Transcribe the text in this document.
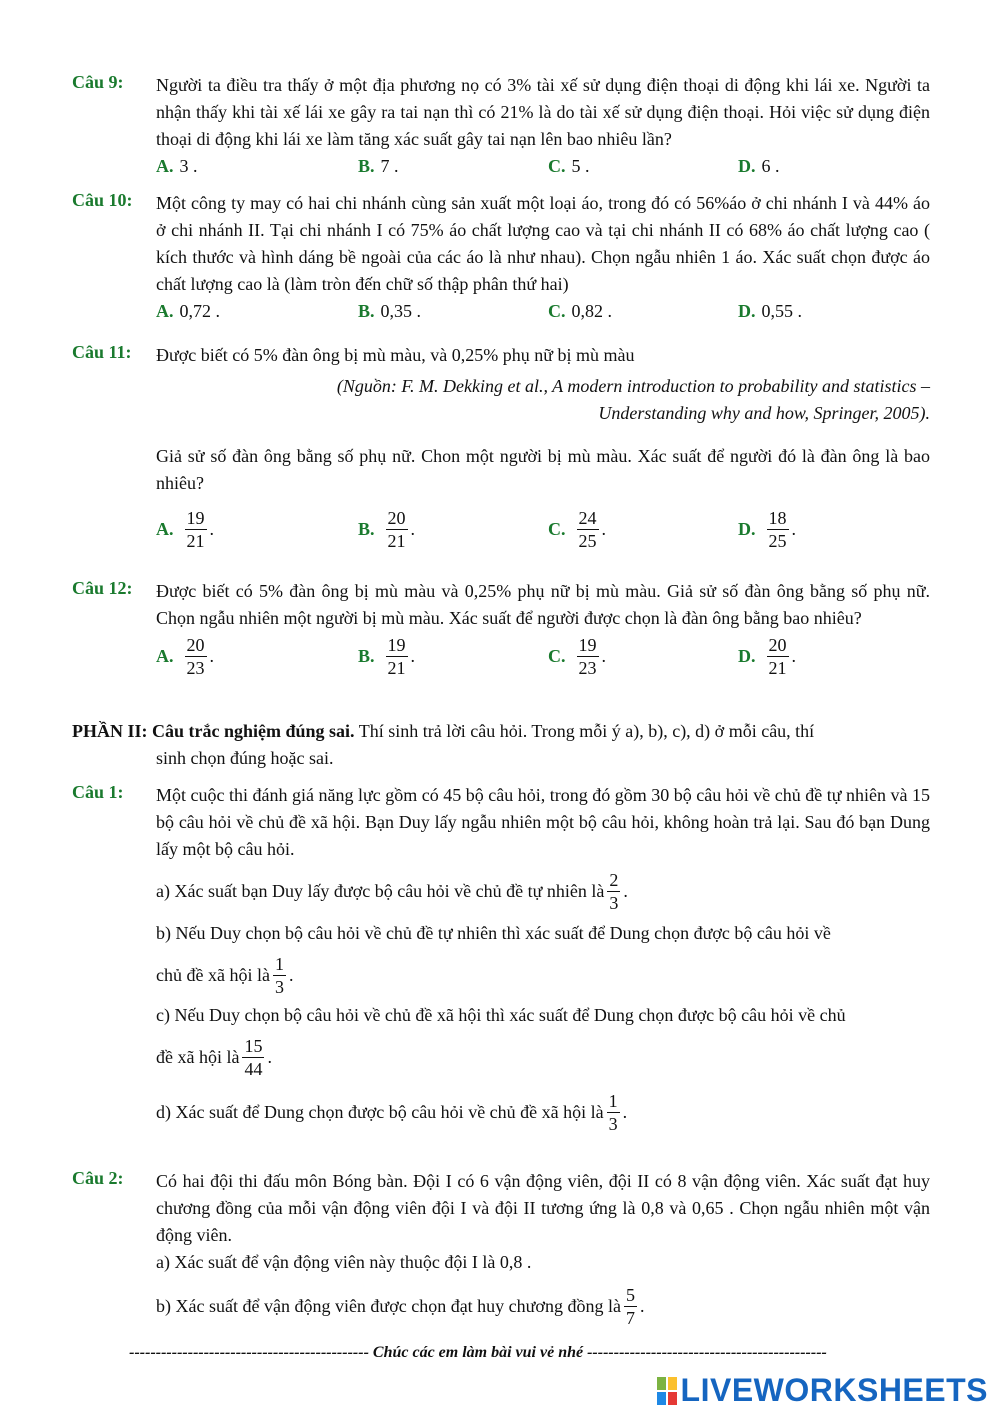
Câu 9: Người ta điều tra thấy ở một địa phương nọ có 3% tài xế sử dụng điện thoại di động khi lái xe. Người ta nhận thấy khi tài xế lái xe gây ra tai nạn thì có 21% là do tài xế sử dụng điện thoại. Hỏi việc sử dụng điện thoại di động khi lái xe làm tăng xác suất gây tai nạn lên bao nhiêu lần?
A. 3 .	B. 7 .	C. 5 .	D. 6 .
Câu 10: Một công ty may có hai chi nhánh cùng sản xuất một loại áo, trong đó có 56%áo ở chi nhánh I và 44% áo ở chi nhánh II. Tại chi nhánh I có 75% áo chất lượng cao và tại chi nhánh II có 68% áo chất lượng cao ( kích thước và hình dáng bề ngoài của các áo là như nhau). Chọn ngẫu nhiên 1 áo. Xác suất chọn được áo chất lượng cao là (làm tròn đến chữ số thập phân thứ hai)
A. 0,72 .	B. 0,35 .	C. 0,82 .	D. 0,55 .
Câu 11: Được biết có 5% đàn ông bị mù màu, và 0,25% phụ nữ bị mù màu
(Nguồn: F. M. Dekking et al., A modern introduction to probability and statistics –
Understanding why and how, Springer, 2005).
Giả sử số đàn ông bằng số phụ nữ. Chon một người bị mù màu. Xác suất để người đó là đàn ông là bao nhiêu?
A. $\frac{19}{21}$ .	B. $\frac{20}{21}$ .	C. $\frac{24}{25}$ .	D. $\frac{18}{25}$ .
Câu 12: Được biết có 5% đàn ông bị mù màu và 0,25% phụ nữ bị mù màu. Giả sử số đàn ông bằng số phụ nữ. Chọn ngẫu nhiên một người bị mù màu. Xác suất để người được chọn là đàn ông bằng bao nhiêu?
A. $\frac{20}{23}$ .	B. $\frac{19}{21}$ .	C. $\frac{19}{23}$ .	D. $\frac{20}{21}$ .
PHẦN II: Câu trắc nghiệm đúng sai. Thí sinh trả lời câu hỏi. Trong mỗi ý a), b), c), d) ở mỗi câu, thí
sinh chọn đúng hoặc sai.
Câu 1: Một cuộc thi đánh giá năng lực gồm có 45 bộ câu hỏi, trong đó gồm 30 bộ câu hỏi về chủ đề tự nhiên và 15 bộ câu hỏi về chủ đề xã hội. Bạn Duy lấy ngẫu nhiên một bộ câu hỏi, không hoàn trả lại. Sau đó bạn Dung lấy một bộ câu hỏi.
a) Xác suất bạn Duy lấy được bộ câu hỏi về chủ đề tự nhiên là $\frac{2}{3}$ .
b) Nếu Duy chọn bộ câu hỏi về chủ đề tự nhiên thì xác suất để Dung chọn được bộ câu hỏi về
chủ đề xã hội là $\frac{1}{3}$ .
c) Nếu Duy chọn bộ câu hỏi về chủ đề xã hội thì xác suất để Dung chọn được bộ câu hỏi về chủ
đề xã hội là $\frac{15}{44}$ .
d) Xác suất để Dung chọn được bộ câu hỏi về chủ đề xã hội là $\frac{1}{3}$ .
Câu 2: Có hai đội thi đấu môn Bóng bàn. Đội I có 6 vận động viên, đội II có 8 vận động viên. Xác suất đạt huy chương đồng của mỗi vận động viên đội I và đội II tương ứng là 0,8 và 0,65 . Chọn ngẫu nhiên một vận động viên.
a) Xác suất để vận động viên này thuộc đội I là 0,8 .
b) Xác suất để vận động viên được chọn đạt huy chương đồng là $\frac{5}{7}$ .
--------------------------------------------- Chúc các em làm bài vui vẻ nhé ---------------------------------------------
LIVEWORKSHEETS
